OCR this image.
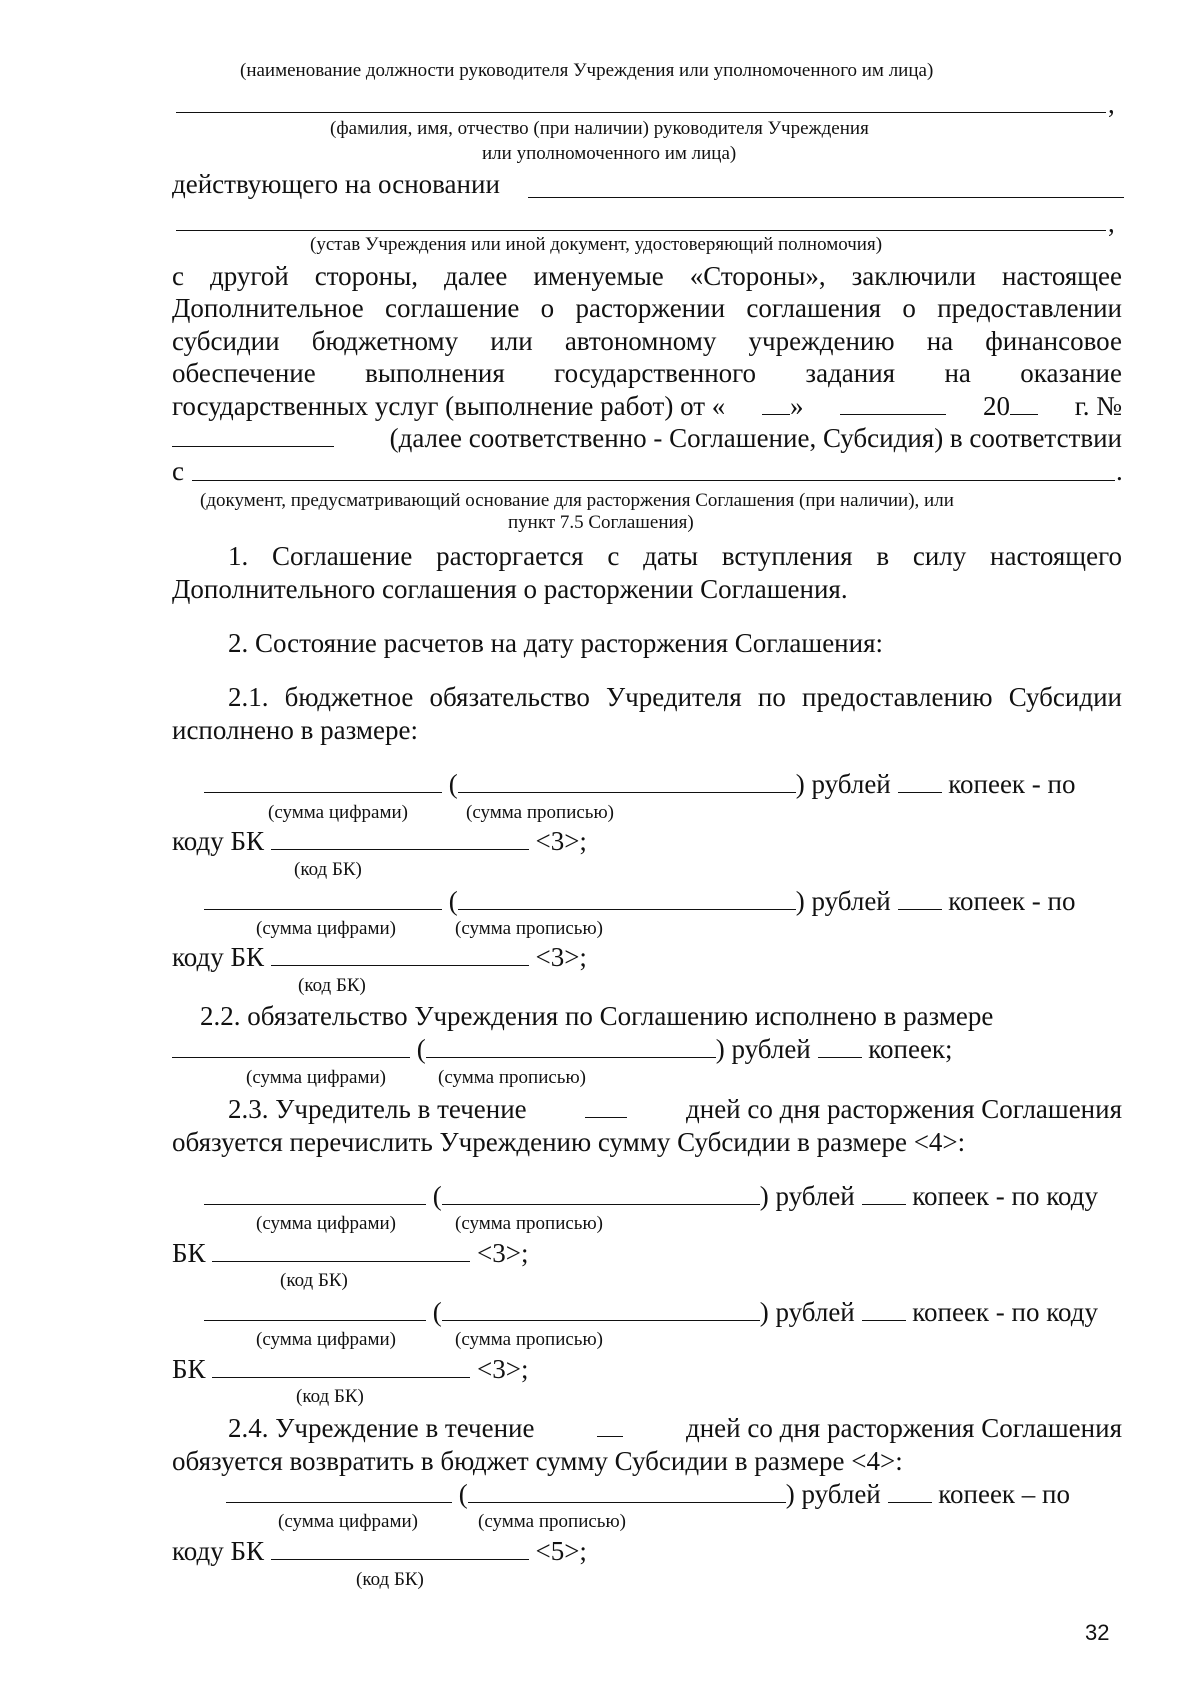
(наименование должности руководителя Учреждения или уполномоченного им лица)
,
(фамилия, имя, отчество (при наличии) руководителя Учреждения
или уполномоченного им лица)
действующего на основании
,
(устав Учреждения или иной документ, удостоверяющий полномочия)
с другой стороны, далее именуемые «Стороны», заключили настоящее
Дополнительное соглашение о расторжении соглашения о предоставлении
субсидии бюджетному или автономному учреждению на финансовое
обеспечение выполнения государственного задания на оказание
государственных услуг (выполнение работ) от « »	20 г. №
(далее соответственно - Соглашение, Субсидия) в соответствии
с	.
(документ, предусматривающий основание для расторжения Соглашения (при наличии), или
пункт 7.5 Соглашения)
1. Соглашение расторгается с даты вступления в силу настоящего
Дополнительного соглашения о расторжении Соглашения.
2. Состояние расчетов на дату расторжения Соглашения:
2.1. бюджетное обязательство Учредителя по предоставлению Субсидии
исполнено в размере:
(	) рублей копеек - по
(сумма цифрами)	(сумма прописью)
коду БК	<3>;
(код БК)
(	) рублей копеек - по
(сумма цифрами)	(сумма прописью)
коду БК	<3>;
(код БК)
2.2. обязательство Учреждения по Соглашению исполнено в размере
(	) рублей копеек;
(сумма цифрами)	(сумма прописью)
2.3. Учредитель в течение	дней со дня расторжения Соглашения
обязуется перечислить Учреждению сумму Субсидии в размере <4>:
(	) рублей копеек - по коду
(сумма цифрами)	(сумма прописью)
БК	<3>;
(код БК)
(	) рублей копеек - по коду
(сумма цифрами)	(сумма прописью)
БК	<3>;
(код БК)
2.4. Учреждение в течение	дней со дня расторжения Соглашения
обязуется возвратить в бюджет сумму Субсидии в размере <4>:
(	) рублей копеек – по
(сумма цифрами)	(сумма прописью)
коду БК	<5>;
(код БК)
32
